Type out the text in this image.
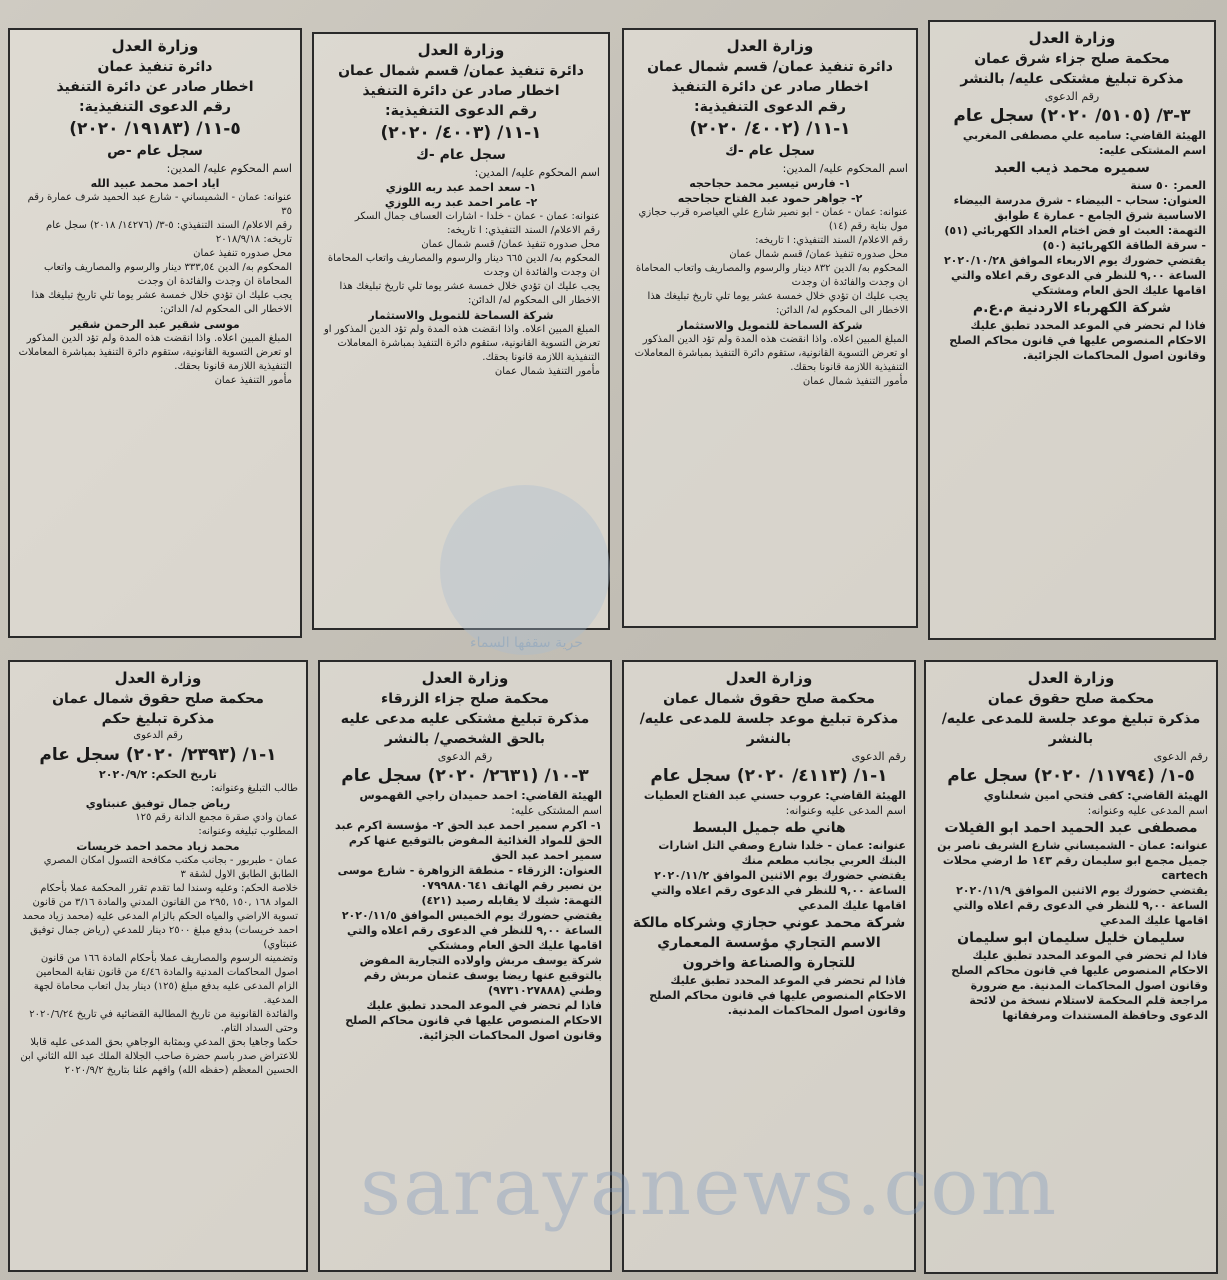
وزارة العدل
محكمة صلح جزاء شرق عمان
مذكرة تبليغ مشتكى عليه/ بالنشر
رقم الدعوى
٣-٣/ (٥١٠٥/ ٢٠٢٠) سجل عام
الهيئة القاضي: ساميه علي مصطفى المغربي
اسم المشتكى عليه:
سميره محمد ذيب العبد
العمر: ٥٠ سنة
العنوان: سحاب - البيضاء - شرق مدرسة البيضاء الاساسية شرق الجامع - عمارة ٤ طوابق
التهمة: العبث او فض اختام العداد الكهربائي (٥١) - سرقة الطاقة الكهربائية (٥٠)
يقتضي حضورك يوم الاربعاء الموافق ٢٠٢٠/١٠/٢٨ الساعة ٩,٠٠ للنظر في الدعوى رقم اعلاه والتي اقامها عليك الحق العام ومشتكي
شركة الكهرباء الاردنية م.ع.م
فاذا لم تحضر في الموعد المحدد تطبق عليك الاحكام المنصوص عليها في قانون محاكم الصلح وقانون اصول المحاكمات الجزائية.
وزارة العدل
دائرة تنفيذ عمان/ قسم شمال عمان
اخطار صادر عن دائرة التنفيذ
رقم الدعوى التنفيذية:
١-١١/ (٤٠٠٢/ ٢٠٢٠)
سجل عام -ك
اسم المحكوم عليه/ المدين:
١- فارس تيسير محمد حجاحجه
٢- جواهر حمود عبد الفتاح حجاحجه
عنوانه: عمان - عمان - ابو نصير شارع علي العياصره قرب حجازي مول بناية رقم (١٤)
رقم الاعلام/ السند التنفيذي: ا تاريخه:
محل صدوره تنفيذ عمان/ قسم شمال عمان
المحكوم به/ الدين ٨٣٢ دينار والرسوم والمصاريف واتعاب المحاماة ان وجدت والفائدة ان وجدت
يجب عليك ان تؤدي خلال خمسة عشر يوما تلي تاريخ تبليغك هذا الاخطار الى المحكوم له/ الدائن:
شركة السماحة للتمويل والاستثمار
المبلغ المبين اعلاه. واذا انقضت هذه المدة ولم تؤد الدين المذكور او تعرض التسوية القانونية، ستقوم دائرة التنفيذ بمباشرة المعاملات التنفيذية اللازمة قانونا بحقك.
مأمور التنفيذ شمال عمان
وزارة العدل
دائرة تنفيذ عمان/ قسم شمال عمان
اخطار صادر عن دائرة التنفيذ
رقم الدعوى التنفيذية:
١-١١/ (٤٠٠٣/ ٢٠٢٠)
سجل عام -ك
اسم المحكوم عليه/ المدين:
١- سعد احمد عبد ربه اللوزي
٢- عامر احمد عبد ربه اللوزي
عنوانه: عمان - عمان - خلدا - اشارات العساف جمال السكر
رقم الاعلام/ السند التنفيذي: ا تاريخه:
محل صدوره تنفيذ عمان/ قسم شمال عمان
المحكوم به/ الدين ٦٦٥ دينار والرسوم والمصاريف واتعاب المحاماة ان وجدت والفائدة ان وجدت
يجب عليك ان تؤدي خلال خمسة عشر يوما تلي تاريخ تبليغك هذا الاخطار الى المحكوم له/ الدائن:
شركة السماحة للتمويل والاستثمار
المبلغ المبين اعلاه. واذا انقضت هذه المدة ولم تؤد الدين المذكور او تعرض التسوية القانونية، ستقوم دائرة التنفيذ بمباشرة المعاملات التنفيذية اللازمة قانونا بحقك.
مأمور التنفيذ شمال عمان
وزارة العدل
دائرة تنفيذ عمان
اخطار صادر عن دائرة التنفيذ
رقم الدعوى التنفيذية:
٥-١١/ (١٩١٨٣/ ٢٠٢٠)
سجل عام -ص
اسم المحكوم عليه/ المدين:
اياد احمد محمد عبيد الله
عنوانه: عمان - الشميساني - شارع عبد الحميد شرف عمارة رقم ٣٥
رقم الاعلام/ السند التنفيذي: ٥-٣/ (١٤٢٧٦/ ٢٠١٨) سجل عام تاريخه: ٢٠١٨/٩/١٨
محل صدوره تنفيذ عمان
المحكوم به/ الدين ٣٣٣,٥٤ دينار والرسوم والمصاريف واتعاب المحاماة ان وجدت والفائدة ان وجدت
يجب عليك ان تؤدي خلال خمسة عشر يوما تلي تاريخ تبليغك هذا الاخطار الى المحكوم له/ الدائن:
موسى شقير عبد الرحمن شقير
المبلغ المبين اعلاه. واذا انقضت هذه المدة ولم تؤد الدين المذكور او تعرض التسوية القانونية، ستقوم دائرة التنفيذ بمباشرة المعاملات التنفيذية اللازمة قانونا بحقك.
مأمور التنفيذ عمان
وزارة العدل
محكمة صلح حقوق عمان
مذكرة تبليغ موعد جلسة للمدعى عليه/ بالنشر
رقم الدعوى
٥-١/ (١١٧٩٤/ ٢٠٢٠) سجل عام
الهيئة القاضي: كفى فتحي امين شعلناوي
اسم المدعى عليه وعنوانه:
مصطفى عبد الحميد احمد ابو الفيلات
عنوانه: عمان - الشميساني شارع الشريف ناصر بن جميل مجمع ابو سليمان رقم ١٤٣ ط ارضي محلات cartech
يقتضي حضورك يوم الاثنين الموافق ٢٠٢٠/١١/٩ الساعة ٩,٠٠ للنظر في الدعوى رقم اعلاه والتي اقامها عليك المدعي
سليمان خليل سليمان ابو سليمان
فاذا لم تحضر في الموعد المحدد تطبق عليك الاحكام المنصوص عليها في قانون محاكم الصلح وقانون اصول المحاكمات المدنية. مع ضرورة مراجعة قلم المحكمة لاستلام نسخة من لائحة الدعوى وحافظة المستندات ومرفقاتها
وزارة العدل
محكمة صلح حقوق شمال عمان
مذكرة تبليغ موعد جلسة للمدعى عليه/ بالنشر
رقم الدعوى
١-١/ (٤١١٣/ ٢٠٢٠) سجل عام
الهيئة القاضي: عروب حسني عبد الفتاح العطيات
اسم المدعى عليه وعنوانه:
هاني طه جميل البسط
عنوانه: عمان - خلدا شارع وصفي التل اشارات البنك العربي بجانب مطعم منك
يقتضي حضورك يوم الاثنين الموافق ٢٠٢٠/١١/٢ الساعة ٩,٠٠ للنظر في الدعوى رقم اعلاه والتي اقامها عليك المدعي
شركة محمد عوني حجازي وشركاه مالكة الاسم التجاري مؤسسة المعماري للتجارة والصناعة واخرون
فاذا لم تحضر في الموعد المحدد تطبق عليك الاحكام المنصوص عليها في قانون محاكم الصلح وقانون اصول المحاكمات المدنية.
وزارة العدل
محكمة صلح جزاء الزرقاء
مذكرة تبليغ مشتكى عليه مدعى عليه بالحق الشخصي/ بالنشر
رقم الدعوى
٣-١٠/ (٢٦٣١/ ٢٠٢٠) سجل عام
الهيئة القاضي: احمد حميدان راجي القهموس
اسم المشتكى عليه:
١- اكرم سمير احمد عبد الحق ٢- مؤسسة اكرم عبد الحق للمواد الغذائية المفوض بالتوقيع عنها كرم سمير احمد عبد الحق
العنوان: الزرقاء - منطقة الزواهرة - شارع موسى بن نصير رقم الهاتف ٠٧٩٩٨٨٠٦٤١
التهمة: شيك لا يقابله رصيد (٤٢١)
يقتضي حضورك يوم الخميس الموافق ٢٠٢٠/١١/٥ الساعة ٩,٠٠ للنظر في الدعوى رقم اعلاه والتي اقامها عليك الحق العام ومشتكي
شركة يوسف مربش واولاده التجارية المفوض بالتوقيع عنها ريضا يوسف عثمان مربش رقم وطني (٩٧٣١٠٢٧٨٨٨)
فاذا لم تحضر في الموعد المحدد تطبق عليك الاحكام المنصوص عليها في قانون محاكم الصلح وقانون اصول المحاكمات الجزائية.
وزارة العدل
محكمة صلح حقوق شمال عمان
مذكرة تبليغ حكم
رقم الدعوى
١-١/ (٢٣٩٣/ ٢٠٢٠) سجل عام
تاريخ الحكم: ٢٠٢٠/٩/٢
طالب التبليغ وعنوانه:
رياض جمال توفيق عنبتاوي
عمان وادي صقرة مجمع الدانة رقم ١٢٥
المطلوب تبليغه وعنوانه:
محمد زياد محمد احمد خريسات
عمان - طبربور - بجانب مكتب مكافحة التسول امكان المصري الطابق الطابق الاول لشقة ٣
خلاصة الحكم: وعليه وسندا لما تقدم تقرر المحكمة عملا بأحكام المواد ١٦٨ ,١٥٠ ,٢٩٥ من القانون المدني والمادة ٣/١٦ من قانون تسوية الاراضي والمياه الحكم بالزام المدعى عليه (محمد زياد محمد احمد خريسات) بدفع مبلغ ٢٥٠٠ دينار للمدعي (رياض جمال توفيق عنبتاوي)
وتضمينه الرسوم والمصاريف عملا بأحكام المادة ١٦٦ من قانون اصول المحاكمات المدنية والمادة ٤/٤٦ من قانون نقابة المحامين الزام المدعى عليه بدفع مبلغ (١٢٥) دينار بدل اتعاب محاماة لجهة المدعية.
والفائدة القانونية من تاريخ المطالبة القضائية في تاريخ ٢٠٢٠/٦/٢٤ وحتى السداد التام.
حكما وجاهيا بحق المدعي وبمثابة الوجاهي بحق المدعى عليه قابلا للاعتراض صدر باسم حضرة صاحب الجلالة الملك عبد الله الثاني ابن الحسين المعظم (حفظه الله) وافهم علنا بتاريخ ٢٠٢٠/٩/٢
حرية سقفها السماء
sarayanews.com
